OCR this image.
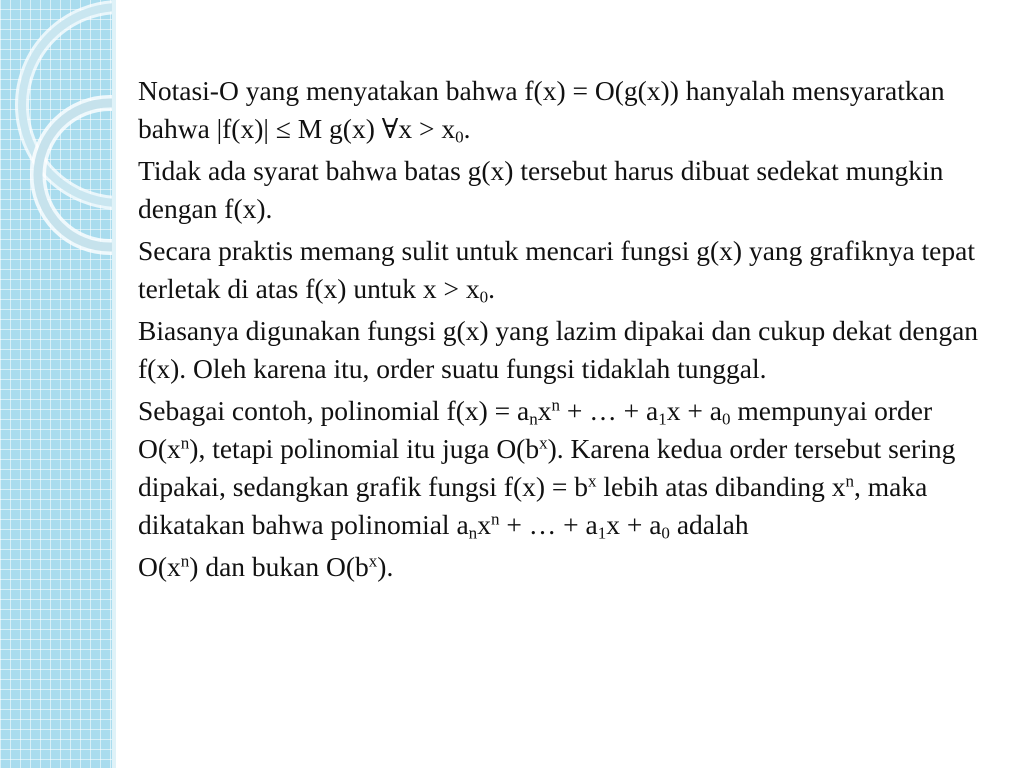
Notasi-O yang menyatakan bahwa f(x) = O(g(x)) hanyalah mensyaratkan bahwa |f(x)| ≤ M g(x) ∀x > $x_0$.

Tidak ada syarat bahwa batas g(x) tersebut harus dibuat sedekat mungkin dengan f(x).

Secara praktis memang sulit untuk mencari fungsi g(x) yang grafiknya tepat terletak di atas f(x) untuk $x > x_0$.

Biasanya digunakan fungsi g(x) yang lazim dipakai dan cukup dekat dengan f(x). Oleh karena itu, order suatu fungsi tidaklah tunggal.

Sebagai contoh, polinomial $f(x) = a_nx^n$ + … + $a_1x + a_0$ mempunyai order $O(x^n)$, tetapi polinomial itu juga $O(b^x)$. Karena kedua order tersebut sering dipakai, sedangkan grafik fungsi $f(x) = b^x$ lebih atas dibanding $x^n$, maka dikatakan bahwa polinomial $a_nx^n$ + … + $a_1x + a_0$ adalah

$O(x^n)$ dan bukan $O(b^x)$.
